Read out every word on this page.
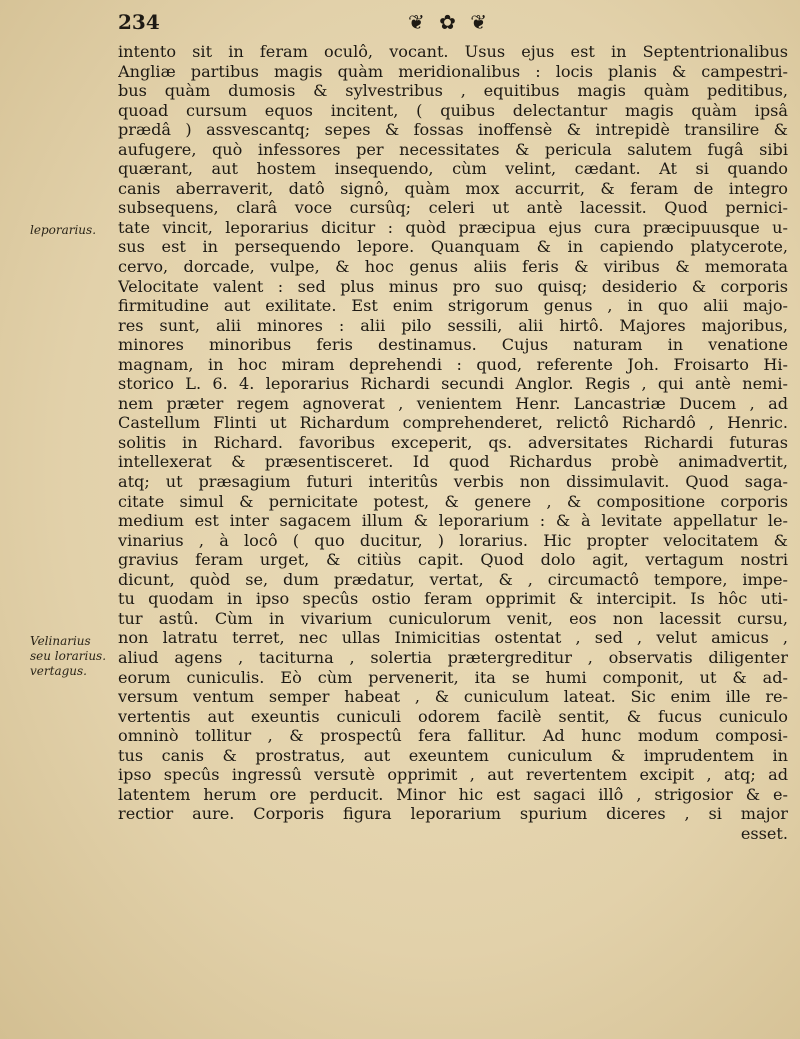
234	❦ ✿ ❦
leporarius.
Velinarius seu lorarius. vertagus.
intento sit in feram oculô, vocant. Usus ejus est in Septentrionalibus
Angliæ partibus magis quàm meridionalibus : locis planis & campestri-
bus quàm dumosis & sylvestribus , equitibus magis quàm peditibus,
quoad cursum equos incitent, ( quibus delectantur magis quàm ipsâ
prædâ ) assvescantq; sepes & fossas inoffensè & intrepidè transilire &
aufugere, quò infessores per necessitates & pericula salutem fugâ sibi
quærant, aut hostem insequendo, cùm velint, cædant. At si quando
canis aberraverit, datô signô, quàm mox accurrit, & feram de integro
subsequens, clarâ voce cursûq; celeri ut antè lacessit. Quod pernici-
tate vincit, leporarius dicitur : quòd præcipua ejus cura præcipuusque u-
sus est in persequendo lepore. Quanquam & in capiendo platycerote,
cervo, dorcade, vulpe, & hoc genus aliis feris & viribus & memorata
Velocitate valent : sed plus minus pro suo quisq; desiderio & corporis
firmitudine aut exilitate. Est enim strigorum genus , in quo alii majo-
res sunt, alii minores : alii pilo sessili, alii hirtô. Majores majoribus,
minores minoribus feris destinamus. Cujus naturam in venatione
magnam, in hoc miram deprehendi : quod, referente Joh. Froisarto Hi-
storico L. 6. 4. leporarius Richardi secundi Anglor. Regis , qui antè nemi-
nem præter regem agnoverat , venientem Henr. Lancastriæ Ducem , ad
Castellum Flinti ut Richardum comprehenderet, relictô Richardô , Henric.
solitis in Richard. favoribus exceperit, qs. adversitates Richardi futuras
intellexerat & præsentisceret. Id quod Richardus probè animadvertit,
atq; ut præsagium futuri interitûs verbis non dissimulavit. Quod saga-
citate simul & pernicitate potest, & genere , & compositione corporis
medium est inter sagacem illum & leporarium : & à levitate appellatur le-
vinarius , à locô ( quo ducitur, ) lorarius. Hic propter velocitatem &
gravius feram urget, & citiùs capit. Quod dolo agit, vertagum nostri
dicunt, quòd se, dum prædatur, vertat, & , circumactô tempore, impe-
tu quodam in ipso specûs ostio feram opprimit & intercipit. Is hôc uti-
tur astû. Cùm in vivarium cuniculorum venit, eos non lacessit cursu,
non latratu terret, nec ullas Inimicitias ostentat , sed , velut amicus ,
aliud agens , taciturna , solertia prætergreditur , observatis diligenter
eorum cuniculis. Eò cùm pervenerit, ita se humi componit, ut & ad-
versum ventum semper habeat , & cuniculum lateat. Sic enim ille re-
vertentis aut exeuntis cuniculi odorem facilè sentit, & fucus cuniculo
omninò tollitur , & prospectû fera fallitur. Ad hunc modum composi-
tus canis & prostratus, aut exeuntem cuniculum & imprudentem in
ipso specûs ingressû versutè opprimit , aut revertentem excipit , atq; ad
latentem herum ore perducit. Minor hic est sagaci illô , strigosior & e-
rectior aure. Corporis figura leporarium spurium diceres , si major
esset.
